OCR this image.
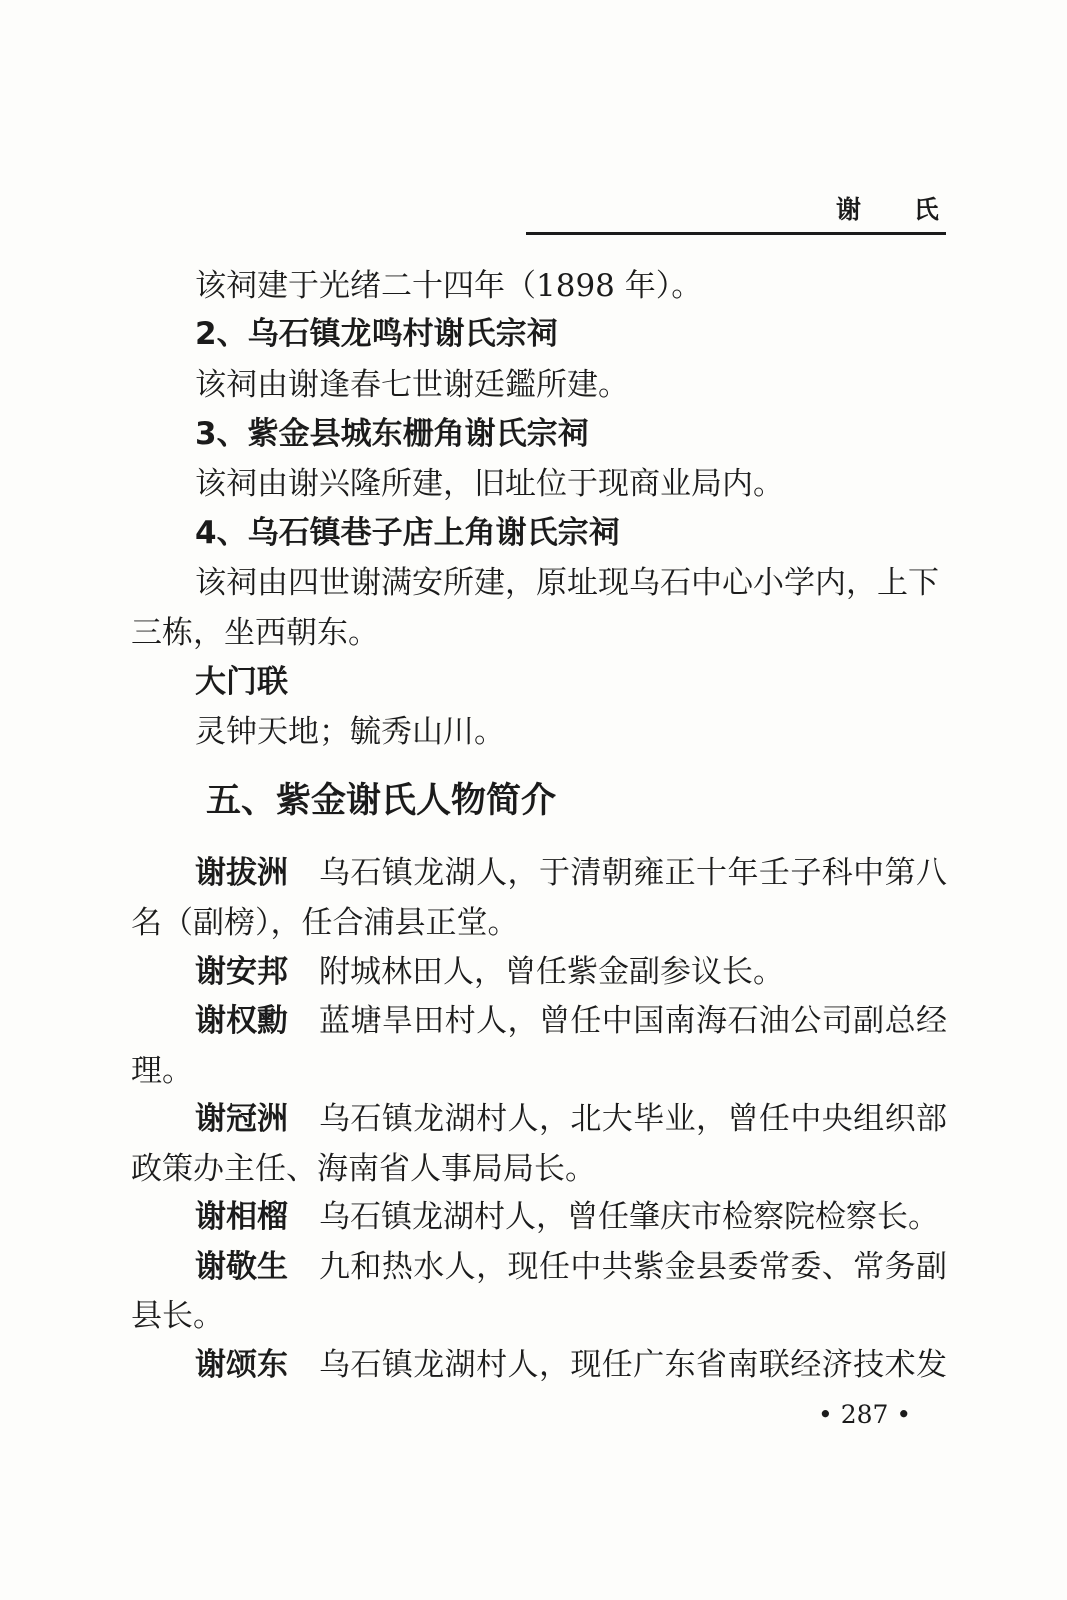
谢 氏
该祠建于光绪二十四年（1898 年）。
2、乌石镇龙鸣村谢氏宗祠
该祠由谢逢春七世谢廷鑑所建。
3、紫金县城东栅角谢氏宗祠
该祠由谢兴隆所建，旧址位于现商业局内。
4、乌石镇巷子店上角谢氏宗祠
该祠由四世谢满安所建，原址现乌石中心小学内，上下
三栋，坐西朝东。
大门联
灵钟天地；毓秀山川。
五、紫金谢氏人物简介
谢拔洲 乌石镇龙湖人，于清朝雍正十年壬子科中第八
名（副榜），任合浦县正堂。
谢安邦 附城林田人，曾任紫金副参议长。
谢权勳 蓝塘旱田村人，曾任中国南海石油公司副总经
理。
谢冠洲 乌石镇龙湖村人，北大毕业，曾任中央组织部
政策办主任、海南省人事局局长。
谢相榴 乌石镇龙湖村人，曾任肇庆市检察院检察长。
谢敬生 九和热水人，现任中共紫金县委常委、常务副
县长。
谢颂东 乌石镇龙湖村人，现任广东省南联经济技术发
• 287 •
